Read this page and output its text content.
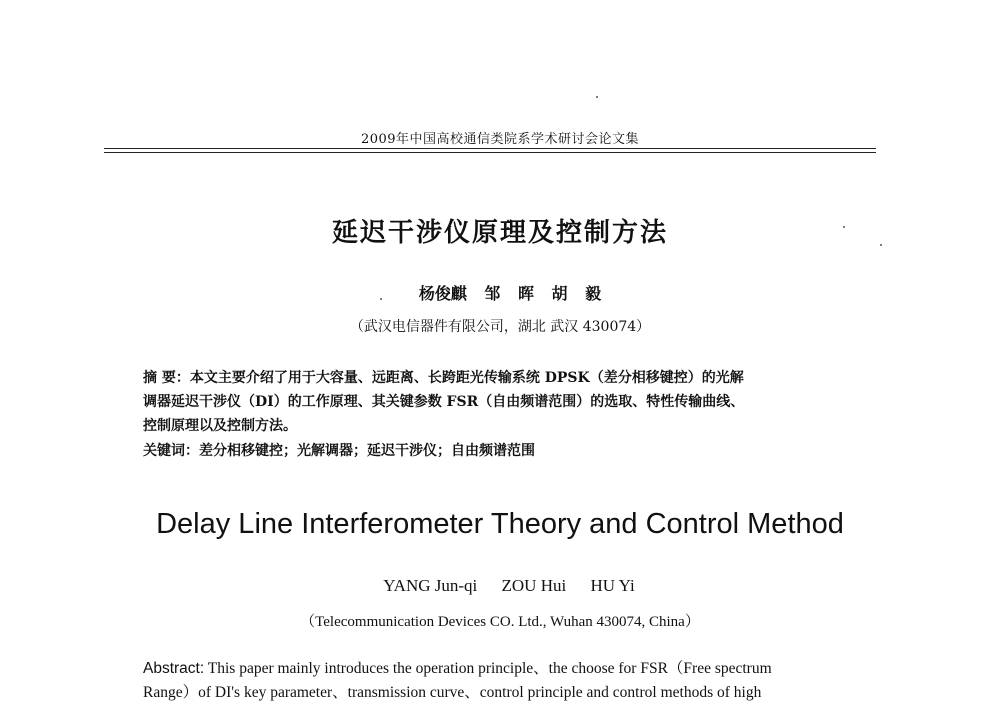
2009年中国高校通信类院系学术研讨会论文集
延迟干涉仪原理及控制方法
杨俊麒 邹 晖 胡 毅
（武汉电信器件有限公司，湖北 武汉 430074）
摘 要：本文主要介绍了用于大容量、远距离、长跨距光传输系统 DPSK（差分相移键控）的光解
调器延迟干涉仪（DI）的工作原理、其关键参数 FSR（自由频谱范围）的选取、特性传输曲线、
控制原理以及控制方法。
关键词：差分相移键控；光解调器；延迟干涉仪；自由频谱范围
Delay Line Interferometer Theory and Control Method
YANG Jun-qi ZOU Hui HU Yi
（Telecommunication Devices CO. Ltd., Wuhan 430074, China）
Abstract: This paper mainly introduces the operation principle、the choose for FSR（Free spectrum
Range）of DI's key parameter、transmission curve、control principle and control methods of high
